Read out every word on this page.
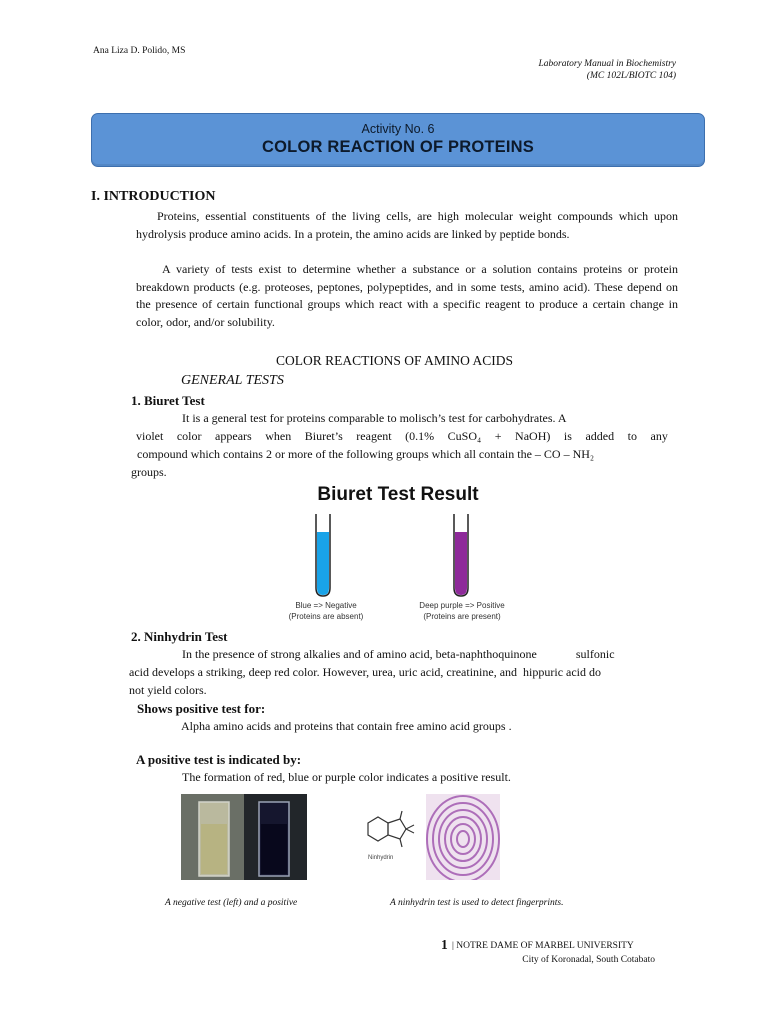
Ana Liza D. Polido, MS
Laboratory Manual in Biochemistry
(MC 102L/BIOTC 104)
Activity No. 6
COLOR REACTION OF PROTEINS
I. INTRODUCTION
Proteins, essential constituents of the living cells, are high molecular weight compounds which upon hydrolysis produce amino acids. In a protein, the amino acids are linked by peptide bonds.
A variety of tests exist to determine whether a substance or a solution contains proteins or protein breakdown products (e.g. proteoses, peptones, polypeptides, and in some tests, amino acid). These depend on the presence of certain functional groups which react with a specific reagent to produce a certain change in color, odor, and/or solubility.
COLOR REACTIONS OF AMINO ACIDS
GENERAL TESTS
1. Biuret Test
It is a general test for proteins comparable to molisch’s test for carbohydrates. A
violet color appears when Biuret’s reagent (0.1% CuSO₄ + NaOH) is added to any
compound which contains 2 or more of the following groups which all contain the – CO – NH₂
groups.
Biuret Test Result
Blue => Negative
(Proteins are absent)
Deep purple => Positive
(Proteins are present)
2. Ninhydrin Test
In the presence of strong alkalies and of amino acid, beta-naphthoquinone             sulfonic
acid develops a striking, deep red color. However, urea, uric acid, creatinine, and  hippuric acid do
not yield colors.
Shows positive test for:
Alpha amino acids and proteins that contain free amino acid groups .
A positive test is indicated by:
The formation of red, blue or purple color indicates a positive result.
Ninhydrin
A negative test (left) and a positive	A ninhydrin test is used to detect fingerprints.
1 | NOTRE DAME OF MARBEL UNIVERSITY
City of Koronadal, South Cotabato
